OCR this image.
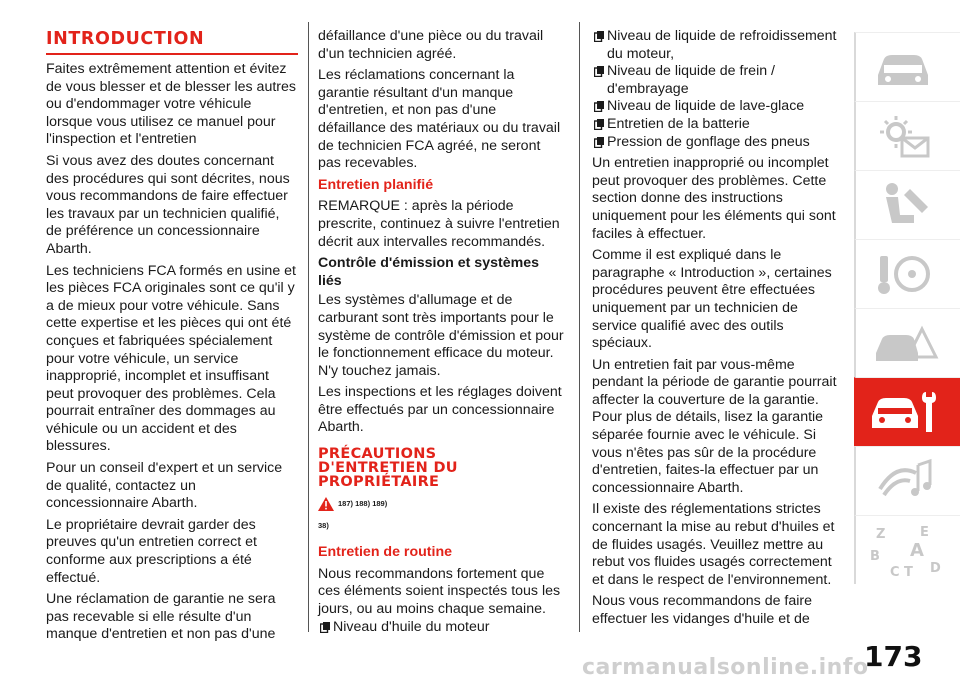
INTRODUCTION

Faites extrêmement attention et évitez de vous blesser et de blesser les autres ou d'endommager votre véhicule lorsque vous utilisez ce manuel pour l'inspection et l'entretien

Si vous avez des doutes concernant des procédures qui sont décrites, nous vous recommandons de faire effectuer les travaux par un technicien qualifié, de préférence un concessionnaire Abarth.

Les techniciens FCA formés en usine et les pièces FCA originales sont ce qu'il y a de mieux pour votre véhicule. Sans cette expertise et les pièces qui ont été conçues et fabriquées spécialement pour votre véhicule, un service inapproprié, incomplet et insuffisant peut provoquer des problèmes. Cela pourrait entraîner des dommages au véhicule ou un accident et des blessures.

Pour un conseil d'expert et un service de qualité, contactez un concessionnaire Abarth.

Le propriétaire devrait garder des preuves qu'un entretien correct et conforme aux prescriptions a été effectué.

Une réclamation de garantie ne sera pas recevable si elle résulte d'un manque d'entretien et non pas d'une

défaillance d'une pièce ou du travail d'un technicien agréé.

Les réclamations concernant la garantie résultant d'un manque d'entretien, et non pas d'une défaillance des matériaux ou du travail de technicien FCA agréé, ne seront pas recevables.

Entretien planifié

REMARQUE : après la période prescrite, continuez à suivre l'entretien décrit aux intervalles recommandés.

Contrôle d'émission et systèmes liés

Les systèmes d'allumage et de carburant sont très importants pour le système de contrôle d'émission et pour le fonctionnement efficace du moteur. N'y touchez jamais.

Les inspections et les réglages doivent être effectués par un concessionnaire Abarth.

PRÉCAUTIONS
D'ENTRETIEN DU
PROPRIÉTAIRE
187) 188) 189)
38)
Entretien de routine

Nous recommandons fortement que ces éléments soient inspectés tous les jours, ou au moins chaque semaine.

Niveau d'huile du moteur
Niveau de liquide de refroidissement du moteur,
Niveau de liquide de frein / d'embrayage
Niveau de liquide de lave-glace
Entretien de la batterie
Pression de gonflage des pneus

Un entretien inapproprié ou incomplet peut provoquer des problèmes. Cette section donne des instructions uniquement pour les éléments qui sont faciles à effectuer.

Comme il est expliqué dans le paragraphe « Introduction », certaines procédures peuvent être effectuées uniquement par un technicien de service qualifié avec des outils spéciaux.

Un entretien fait par vous-même pendant la période de garantie pourrait affecter la couverture de la garantie. Pour plus de détails, lisez la garantie séparée fournie avec le véhicule. Si vous n'êtes pas sûr de la procédure d'entretien, faites-la effectuer par un concessionnaire Abarth.

Il existe des réglementations strictes concernant la mise au rebut d'huiles et de fluides usagés. Veuillez mettre au rebut vos fluides usagés correctement et dans le respect de l'environnement.

Nous vous recommandons de faire effectuer les vidanges d'huile et de

Z	E
B A
C T D
173
carmanualsonline.info
